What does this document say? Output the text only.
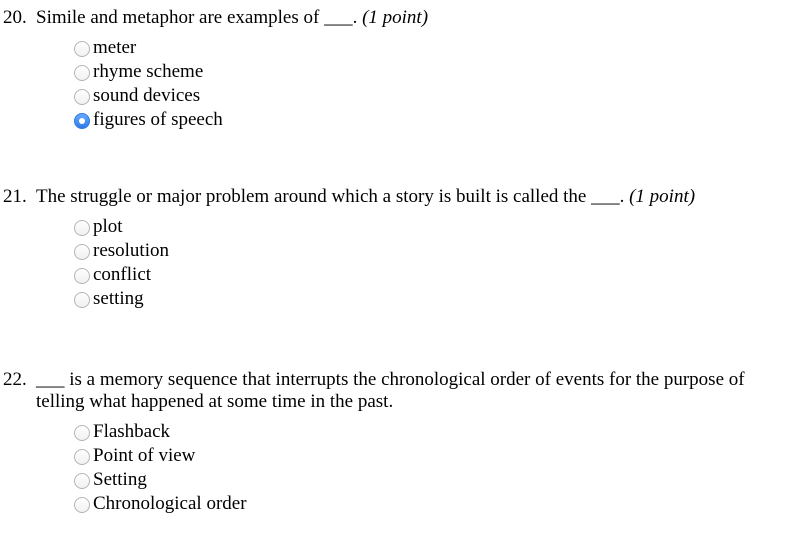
20. Simile and metaphor are examples of ___. (1 point)
meter
rhyme scheme
sound devices
figures of speech
21. The struggle or major problem around which a story is built is called the ___. (1 point)
plot
resolution
conflict
setting
22. ___ is a memory sequence that interrupts the chronological order of events for the purpose of telling what happened at some time in the past.
Flashback
Point of view
Setting
Chronological order
